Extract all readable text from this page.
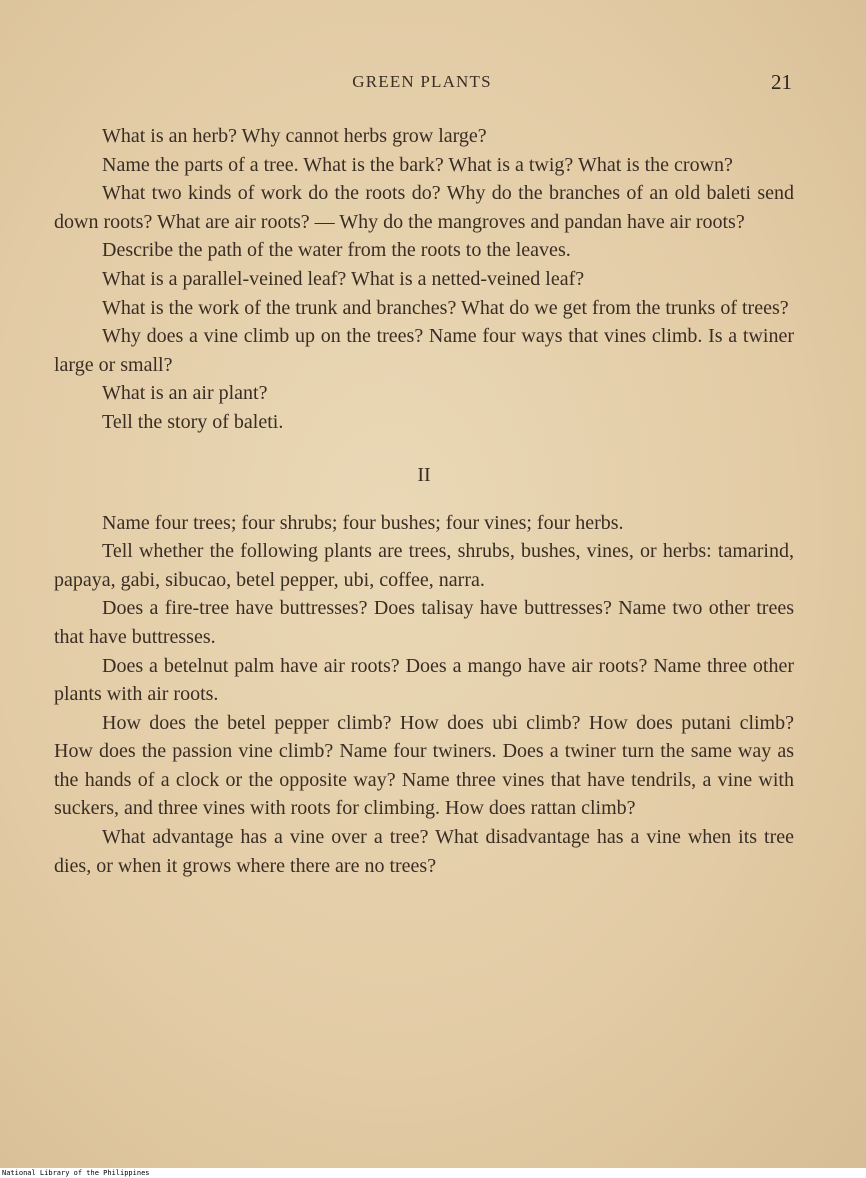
GREEN PLANTS	21

What is an herb? Why cannot herbs grow large?

Name the parts of a tree. What is the bark? What is a twig? What is the crown?

What two kinds of work do the roots do? Why do the branches of an old baleti send down roots? What are air roots? — Why do the mangroves and pandan have air roots?

Describe the path of the water from the roots to the leaves.

What is a parallel-veined leaf? What is a netted-veined leaf?

What is the work of the trunk and branches? What do we get from the trunks of trees?

Why does a vine climb up on the trees? Name four ways that vines climb. Is a twiner large or small?

What is an air plant?

Tell the story of baleti.

II

Name four trees; four shrubs; four bushes; four vines; four herbs.

Tell whether the following plants are trees, shrubs, bushes, vines, or herbs: tamarind, papaya, gabi, sibucao, betel pepper, ubi, coffee, narra.

Does a fire-tree have buttresses? Does talisay have buttresses? Name two other trees that have buttresses.

Does a betelnut palm have air roots? Does a mango have air roots? Name three other plants with air roots.

How does the betel pepper climb? How does ubi climb? How does putani climb? How does the passion vine climb? Name four twiners. Does a twiner turn the same way as the hands of a clock or the opposite way? Name three vines that have tendrils, a vine with suckers, and three vines with roots for climbing. How does rattan climb?

What advantage has a vine over a tree? What disadvantage has a vine when its tree dies, or when it grows where there are no trees?

National Library of the Philippines
